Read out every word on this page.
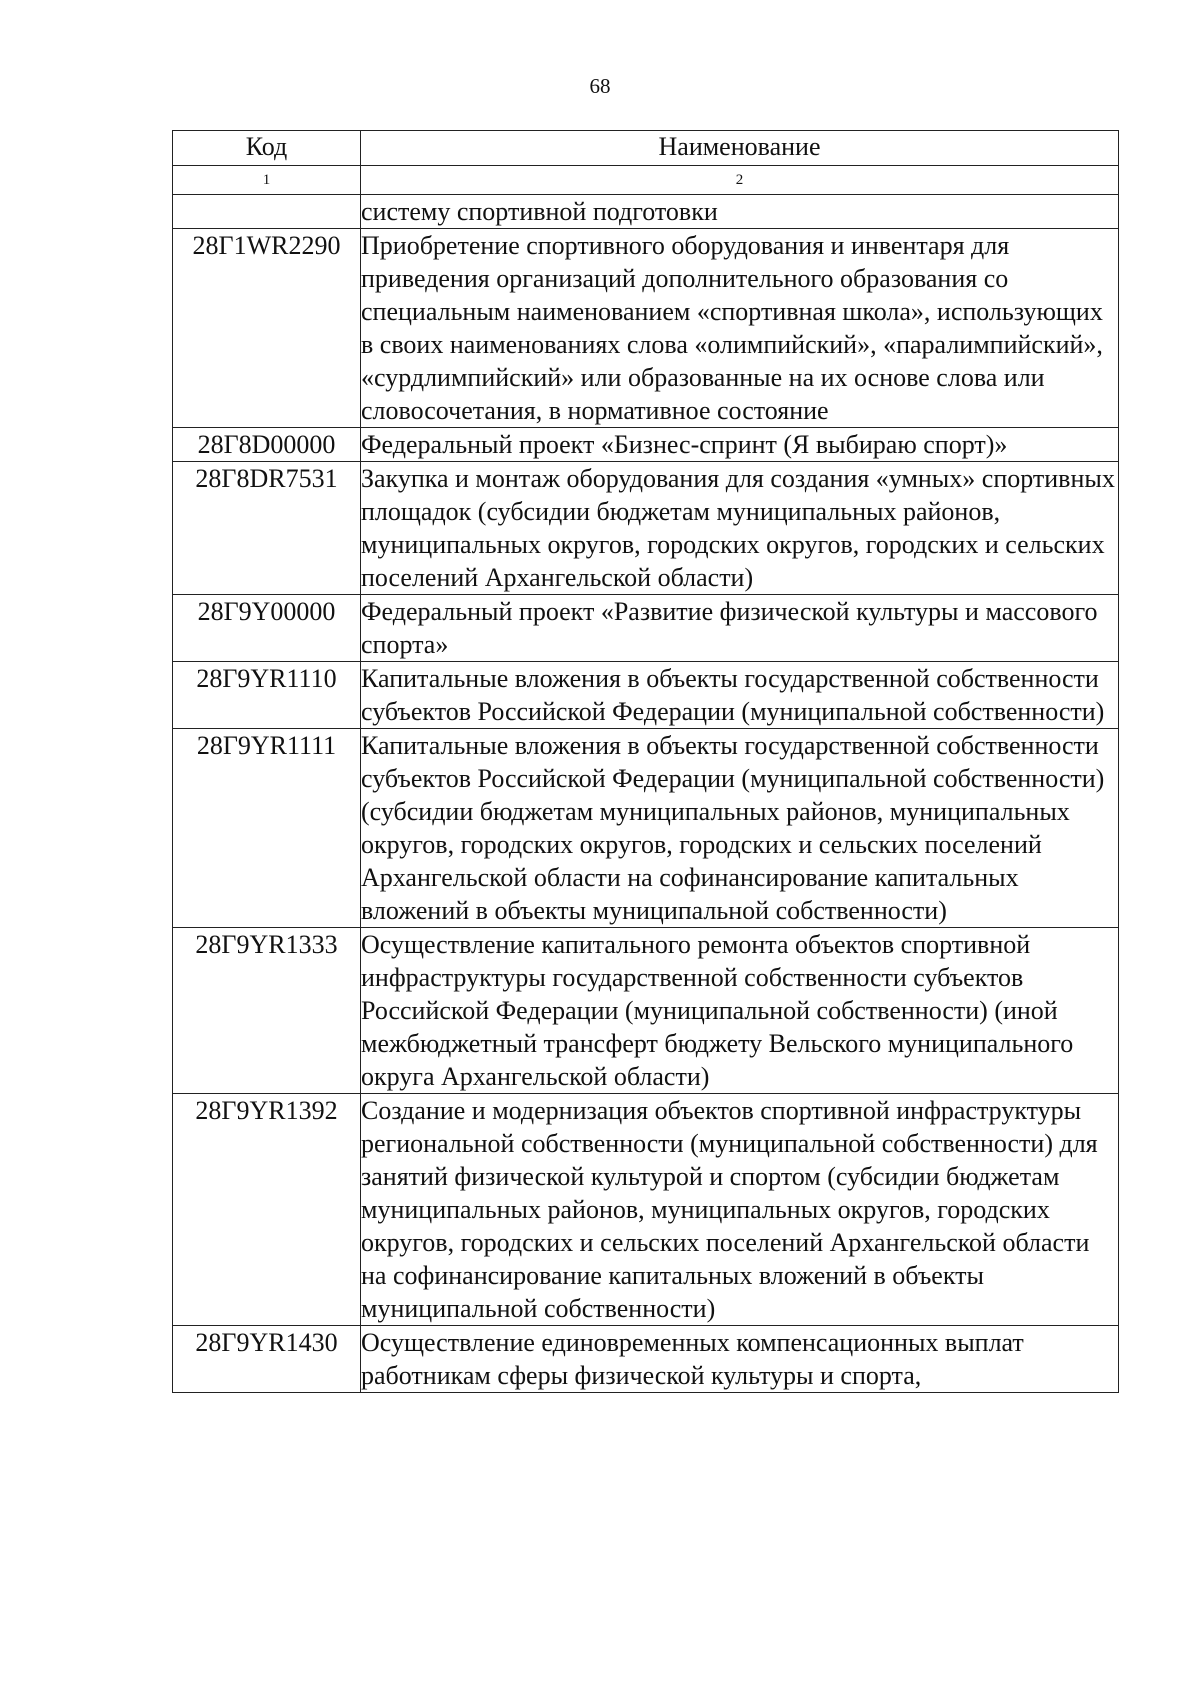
68
Код	Наименование
1	2
	систему спортивной подготовки
28Г1WR2290	Приобретение спортивного оборудования и инвентаря для приведения организаций дополнительного образования со специальным наименованием «спортивная школа», использующих в своих наименованиях слова «олимпийский», «паралимпийский», «сурдлимпийский» или образованные на их основе слова или словосочетания, в нормативное состояние
28Г8D00000	Федеральный проект «Бизнес-спринт (Я выбираю спорт)»
28Г8DR7531	Закупка и монтаж оборудования для создания «умных» спортивных площадок (субсидии бюджетам муниципальных районов, муниципальных округов, городских округов, городских и сельских поселений Архангельской области)
28Г9Y00000	Федеральный проект «Развитие физической культуры и массового спорта»
28Г9YR1110	Капитальные вложения в объекты государственной собственности субъектов Российской Федерации (муниципальной собственности)
28Г9YR1111	Капитальные вложения в объекты государственной собственности субъектов Российской Федерации (муниципальной собственности) (субсидии бюджетам муниципальных районов, муниципальных округов, городских округов, городских и сельских поселений Архангельской области на софинансирование капитальных вложений в объекты муниципальной собственности)
28Г9YR1333	Осуществление капитального ремонта объектов спортивной инфраструктуры государственной собственности субъектов Российской Федерации (муниципальной собственности) (иной межбюджетный трансферт бюджету Вельского муниципального округа Архангельской области)
28Г9YR1392	Создание и модернизация объектов спортивной инфраструктуры региональной собственности (муниципальной собственности) для занятий физической культурой и спортом (субсидии бюджетам муниципальных районов, муниципальных округов, городских округов, городских и сельских поселений Архангельской области на софинансирование капитальных вложений в объекты муниципальной собственности)
28Г9YR1430	Осуществление единовременных компенсационных выплат работникам сферы физической культуры и спорта,
